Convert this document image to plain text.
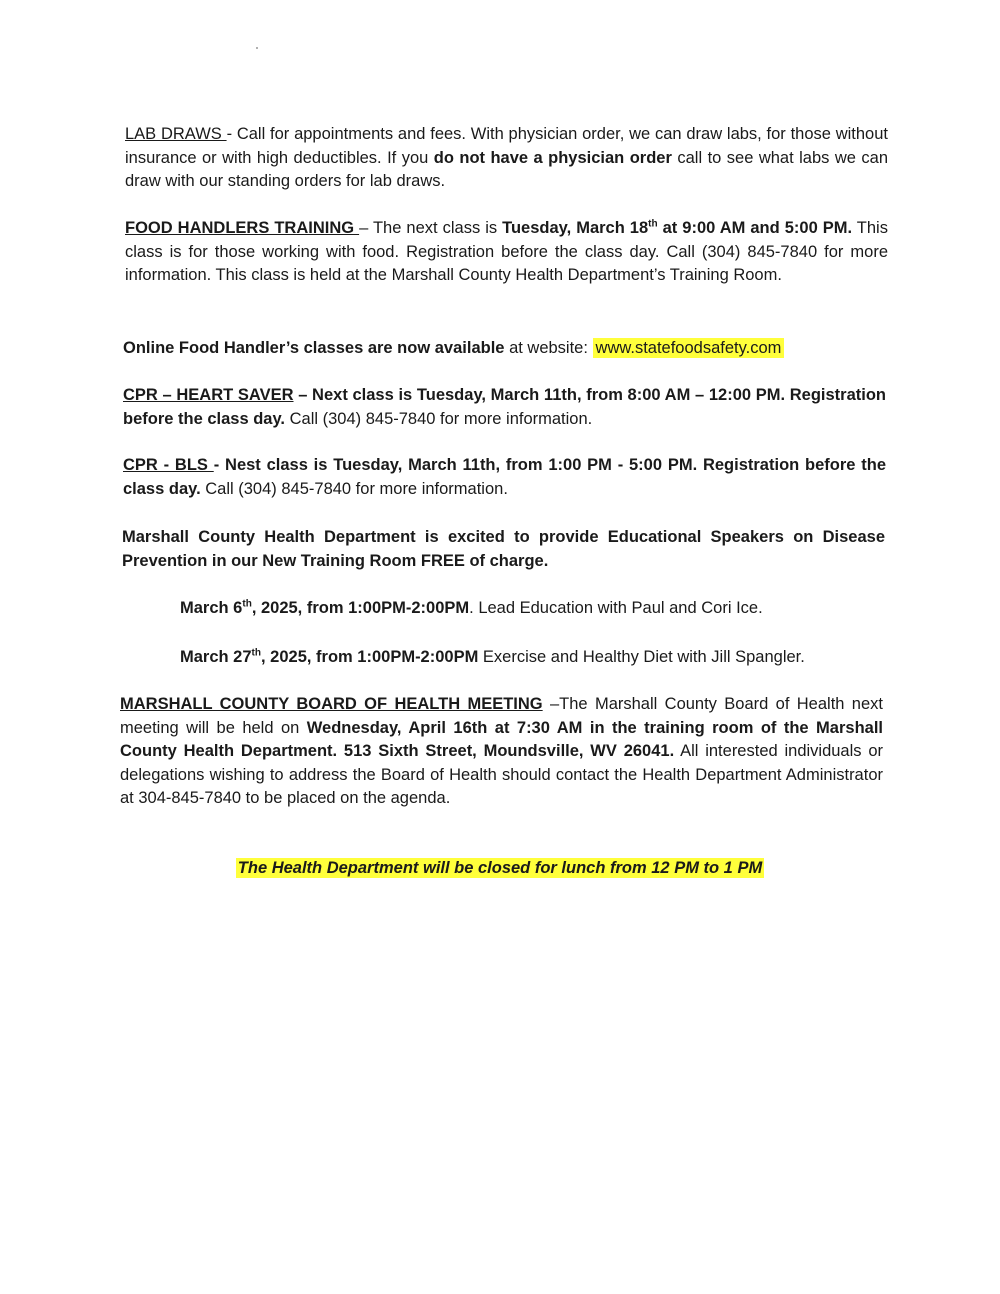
LAB DRAWS - Call for appointments and fees. With physician order, we can draw labs, for those without insurance or with high deductibles. If you do not have a physician order call to see what labs we can draw with our standing orders for lab draws.
FOOD HANDLERS TRAINING – The next class is Tuesday, March 18th at 9:00 AM and 5:00 PM. This class is for those working with food. Registration before the class day. Call (304) 845-7840 for more information. This class is held at the Marshall County Health Department’s Training Room.
Online Food Handler’s classes are now available at website: www.statefoodsafety.com
CPR – HEART SAVER – Next class is Tuesday, March 11th, from 8:00 AM – 12:00 PM. Registration before the class day. Call (304) 845-7840 for more information.
CPR - BLS - Nest class is Tuesday, March 11th, from 1:00 PM - 5:00 PM. Registration before the class day. Call (304) 845-7840 for more information.
Marshall County Health Department is excited to provide Educational Speakers on Disease Prevention in our New Training Room FREE of charge.
March 6th, 2025, from 1:00PM-2:00PM. Lead Education with Paul and Cori Ice.
March 27th, 2025, from 1:00PM-2:00PM Exercise and Healthy Diet with Jill Spangler.
MARSHALL COUNTY BOARD OF HEALTH MEETING –The Marshall County Board of Health next meeting will be held on Wednesday, April 16th at 7:30 AM in the training room of the Marshall County Health Department. 513 Sixth Street, Moundsville, WV 26041. All interested individuals or delegations wishing to address the Board of Health should contact the Health Department Administrator at 304-845-7840 to be placed on the agenda.
The Health Department will be closed for lunch from 12 PM to 1 PM
